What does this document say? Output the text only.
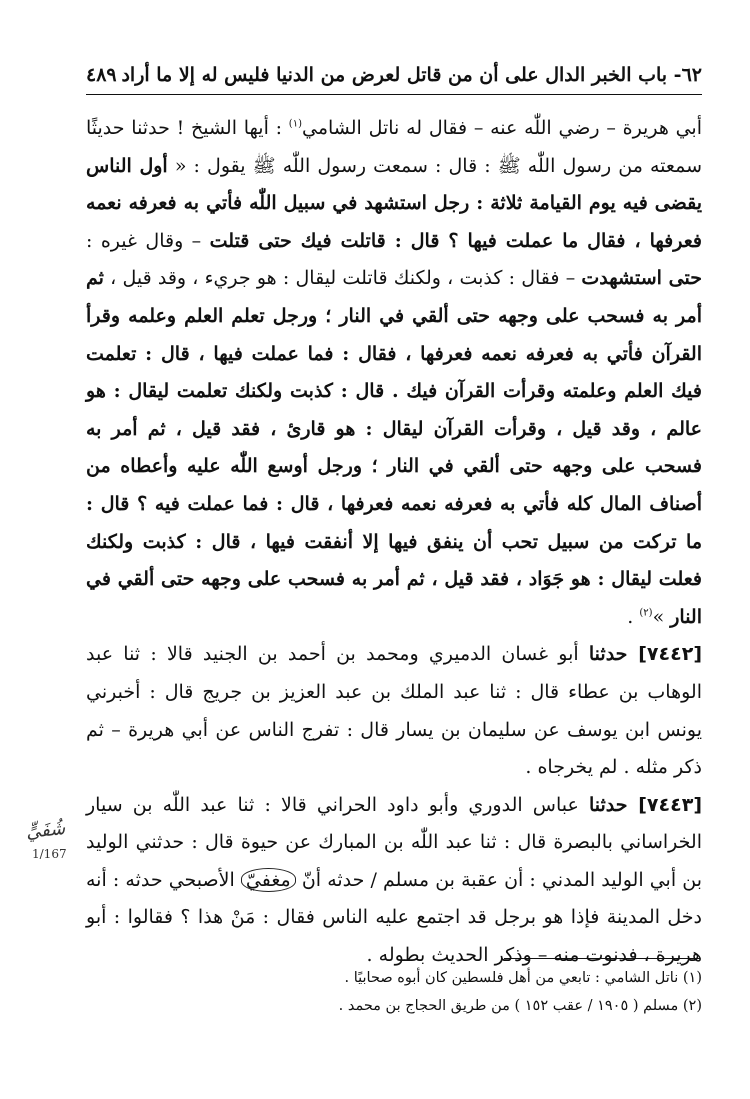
٦٢- باب الخبر الدال على أن من قاتل لعرض من الدنيا فليس له إلا ما أراد
٤٨٩

أبي هريرة – رضي اللّٰه عنه – فقال له ناتل الشامي$^{(١)}$ : أيها الشيخ ! حدثنا حديثًا سمعته من رسول اللّٰه ﷺ : قال : سمعت رسول اللّٰه ﷺ يقول : « أول الناس يقضى فيه يوم القيامة ثلاثة : رجل استشهد في سبيل اللّٰه فأتي به فعرفه نعمه فعرفها ، فقال ما عملت فيها ؟ قال : قاتلت فيك حتى قتلت – وقال غيره : حتى استشهدت – فقال : كذبت ، ولكنك قاتلت ليقال : هو جريء ، وقد قيل ، ثم أمر به فسحب على وجهه حتى ألقي في النار ؛ ورجل تعلم العلم وعلمه وقرأ القرآن فأتي به فعرفه نعمه فعرفها ، فقال : فما عملت فيها ، قال : تعلمت فيك العلم وعلمته وقرأت القرآن فيك . قال : كذبت ولكنك تعلمت ليقال : هو عالم ، وقد قيل ، وقرأت القرآن ليقال : هو قارئ ، فقد قيل ، ثم أمر به فسحب على وجهه حتى ألقي في النار ؛ ورجل أوسع اللّٰه عليه وأعطاه من أصناف المال كله فأتي به فعرفه نعمه فعرفها ، قال : فما عملت فيه ؟ قال : ما تركت من سبيل تحب أن ينفق فيها إلا أنفقت فيها ، قال : كذبت ولكنك فعلت ليقال : هو جَوَاد ، فقد قيل ، ثم أمر به فسحب على وجهه حتى ألقي في النار »$^{(٢)}$ .

[٧٤٤٢] حدثنا أبو غسان الدميري ومحمد بن أحمد بن الجنيد قالا : ثنا عبد الوهاب بن عطاء قال : ثنا عبد الملك بن عبد العزيز بن جريج قال : أخبرني يونس ابن يوسف عن سليمان بن يسار قال : تفرج الناس عن أبي هريرة – ثم ذكر مثله . لم يخرجاه .

[٧٤٤٣] حدثنا عباس الدوري وأبو داود الحراني قالا : ثنا عبد اللّٰه بن سيار الخراساني بالبصرة قال : ثنا عبد اللّٰه بن المبارك عن حيوة قال : حدثني الوليد بن أبي الوليد المدني : أن عقبة بن مسلم / حدثه أنّ مغفيّ الأصبحي حدثه : أنه دخل المدينة فإذا هو برجل قد اجتمع عليه الناس فقال : مَنْ هذا ؟ فقالوا : أبو هريرة ، فدنوت منه – وذكر الحديث بطوله .

شُفَيٍّ
1/167
(١) ناتل الشامي : تابعي من أهل فلسطين كان أبوه صحابيًا .
(٢) مسلم ( ١٩٠٥ / عقب ١٥٢ ) من طريق الحجاج بن محمد .
